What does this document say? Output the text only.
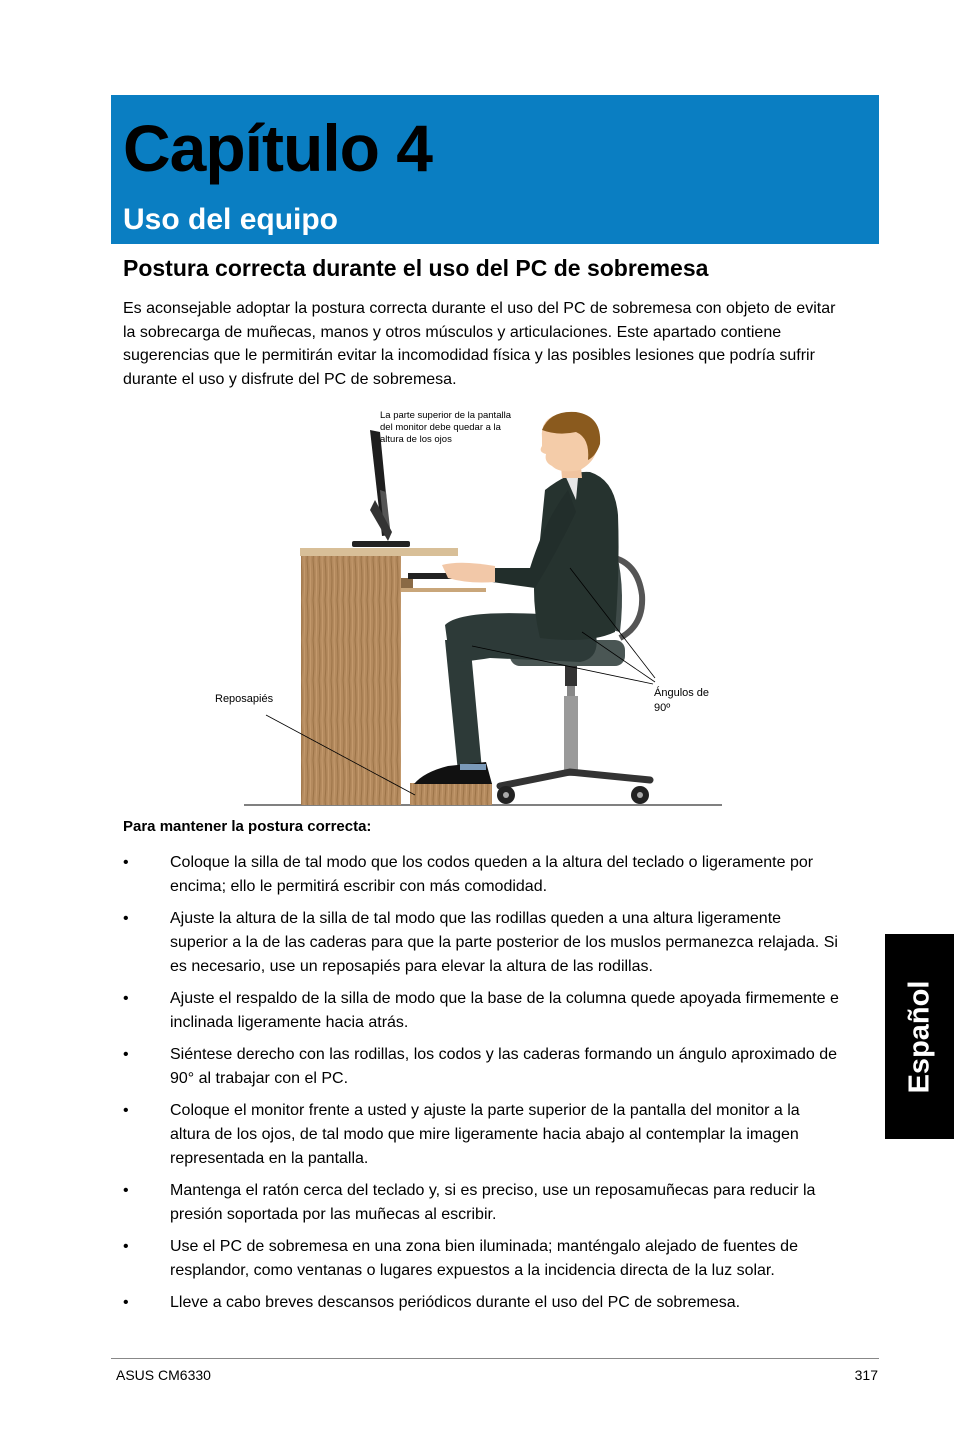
Capítulo 4
Uso del equipo
Postura correcta durante el uso del PC de sobremesa

Es aconsejable adoptar la postura correcta durante el uso del PC de sobremesa con objeto de evitar la sobrecarga de muñecas, manos y otros músculos y articulaciones. Este apartado contiene sugerencias que le permitirán evitar la incomodidad física y las posibles lesiones que podría sufrir durante el uso y disfrute del PC de sobremesa.

La parte superior de la pantalla
del monitor debe quedar a la
altura de los ojos
Reposapiés	Ángulos de
90º

Para mantener la postura correcta:

•	Coloque la silla de tal modo que los codos queden a la altura del teclado o ligeramente por encima; ello le permitirá escribir con más comodidad.
•	Ajuste la altura de la silla de tal modo que las rodillas queden a una altura ligeramente superior a la de las caderas para que la parte posterior de los muslos permanezca relajada. Si es necesario, use un reposapiés para elevar la altura de las rodillas.
•	Ajuste el respaldo de la silla de modo que la base de la columna quede apoyada firmemente e inclinada ligeramente hacia atrás.
•	Siéntese derecho con las rodillas, los codos y las caderas formando un ángulo aproximado de 90° al trabajar con el PC.
•	Coloque el monitor frente a usted y ajuste la parte superior de la pantalla del monitor a la altura de los ojos, de tal modo que mire ligeramente hacia abajo al contemplar la imagen representada en la pantalla.
•	Mantenga el ratón cerca del teclado y, si es preciso, use un reposamuñecas para reducir la presión soportada por las muñecas al escribir.
•	Use el PC de sobremesa en una zona bien iluminada; manténgalo alejado de fuentes de resplandor, como ventanas o lugares expuestos a la incidencia directa de la luz solar.
•	Lleve a cabo breves descansos periódicos durante el uso del PC de sobremesa.
Español
ASUS CM6330	317
